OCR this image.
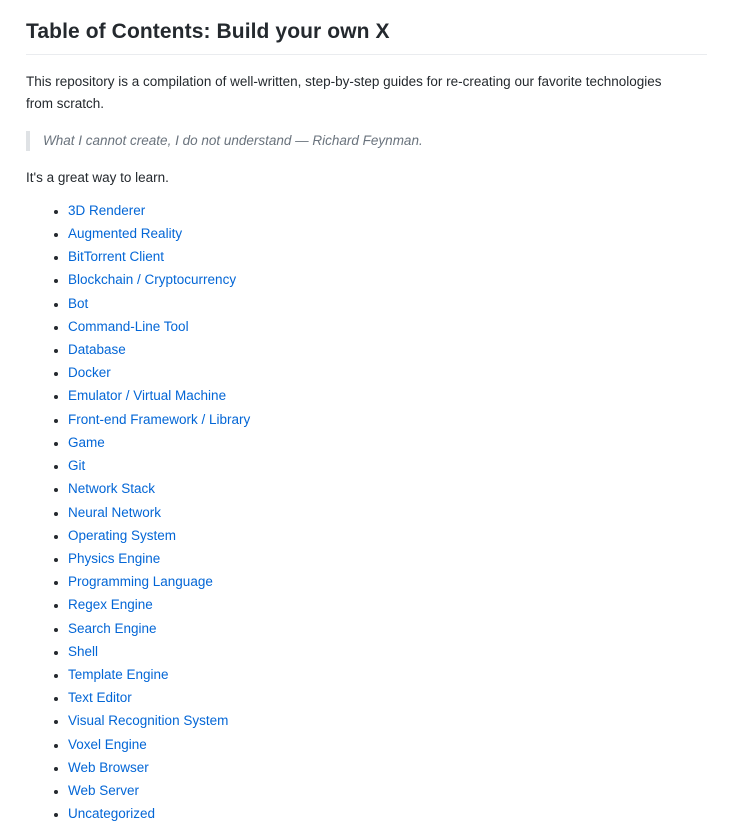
Table of Contents: Build your own X

This repository is a compilation of well-written, step-by-step guides for re-creating our favorite technologies from scratch.

What I cannot create, I do not understand — Richard Feynman.

It's a great way to learn.

• 3D Renderer
• Augmented Reality
• BitTorrent Client
• Blockchain / Cryptocurrency
• Bot
• Command-Line Tool
• Database
• Docker
• Emulator / Virtual Machine
• Front-end Framework / Library
• Game
• Git
• Network Stack
• Neural Network
• Operating System
• Physics Engine
• Programming Language
• Regex Engine
• Search Engine
• Shell
• Template Engine
• Text Editor
• Visual Recognition System
• Voxel Engine
• Web Browser
• Web Server
• Uncategorized
